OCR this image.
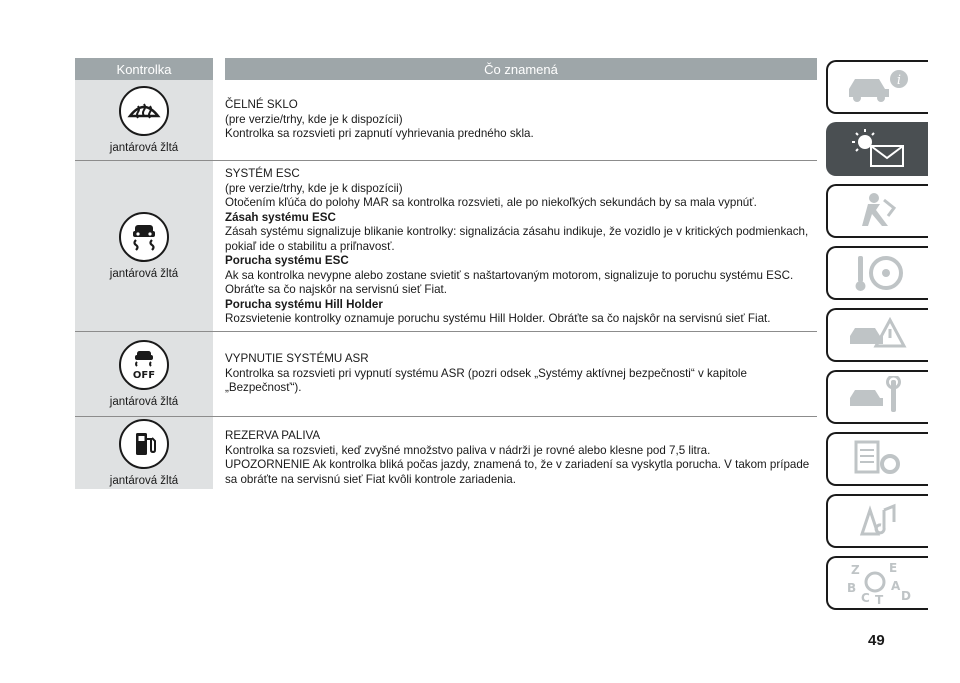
Kontrolka	Čo znamená
jantárová žltá

ČELNÉ SKLO

(pre verzie/trhy, kde je k dispozícii)

Kontrolka sa rozsvieti pri zapnutí vyhrievania predného skla.

jantárová žltá

SYSTÉM ESC

(pre verzie/trhy, kde je k dispozícii)

Otočením kľúča do polohy MAR sa kontrolka rozsvieti, ale po niekoľkých sekundách by sa mala vypnúť.

Zásah systému ESC

Zásah systému signalizuje blikanie kontrolky: signalizácia zásahu indikuje, že vozidlo je v kritických podmienkach, pokiaľ ide o stabilitu a priľnavosť.

Porucha systému ESC

Ak sa kontrolka nevypne alebo zostane svietiť s naštartovaným motorom, signalizuje to poruchu systému ESC. Obráťte sa čo najskôr na servisnú sieť Fiat.

Porucha systému Hill Holder

Rozsvietenie kontrolky oznamuje poruchu systému Hill Holder. Obráťte sa čo najskôr na servisnú sieť Fiat.

OFF
jantárová žltá

VYPNUTIE SYSTÉMU ASR

Kontrolka sa rozsvieti pri vypnutí systému ASR (pozri odsek „Systémy aktívnej bezpečnosti“ v kapitole „Bezpečnosť“).

jantárová žltá

REZERVA PALIVA

Kontrolka sa rozsvieti, keď zvyšné množstvo paliva v nádrži je rovné alebo klesne pod 7,5 litra.

UPOZORNENIE Ak kontrolka bliká počas jazdy, znamená to, že v zariadení sa vyskytla porucha. V takom prípade sa obráťte na servisnú sieť Fiat kvôli kontrole zariadenia.

i
Z E
B	A
C T D
49
